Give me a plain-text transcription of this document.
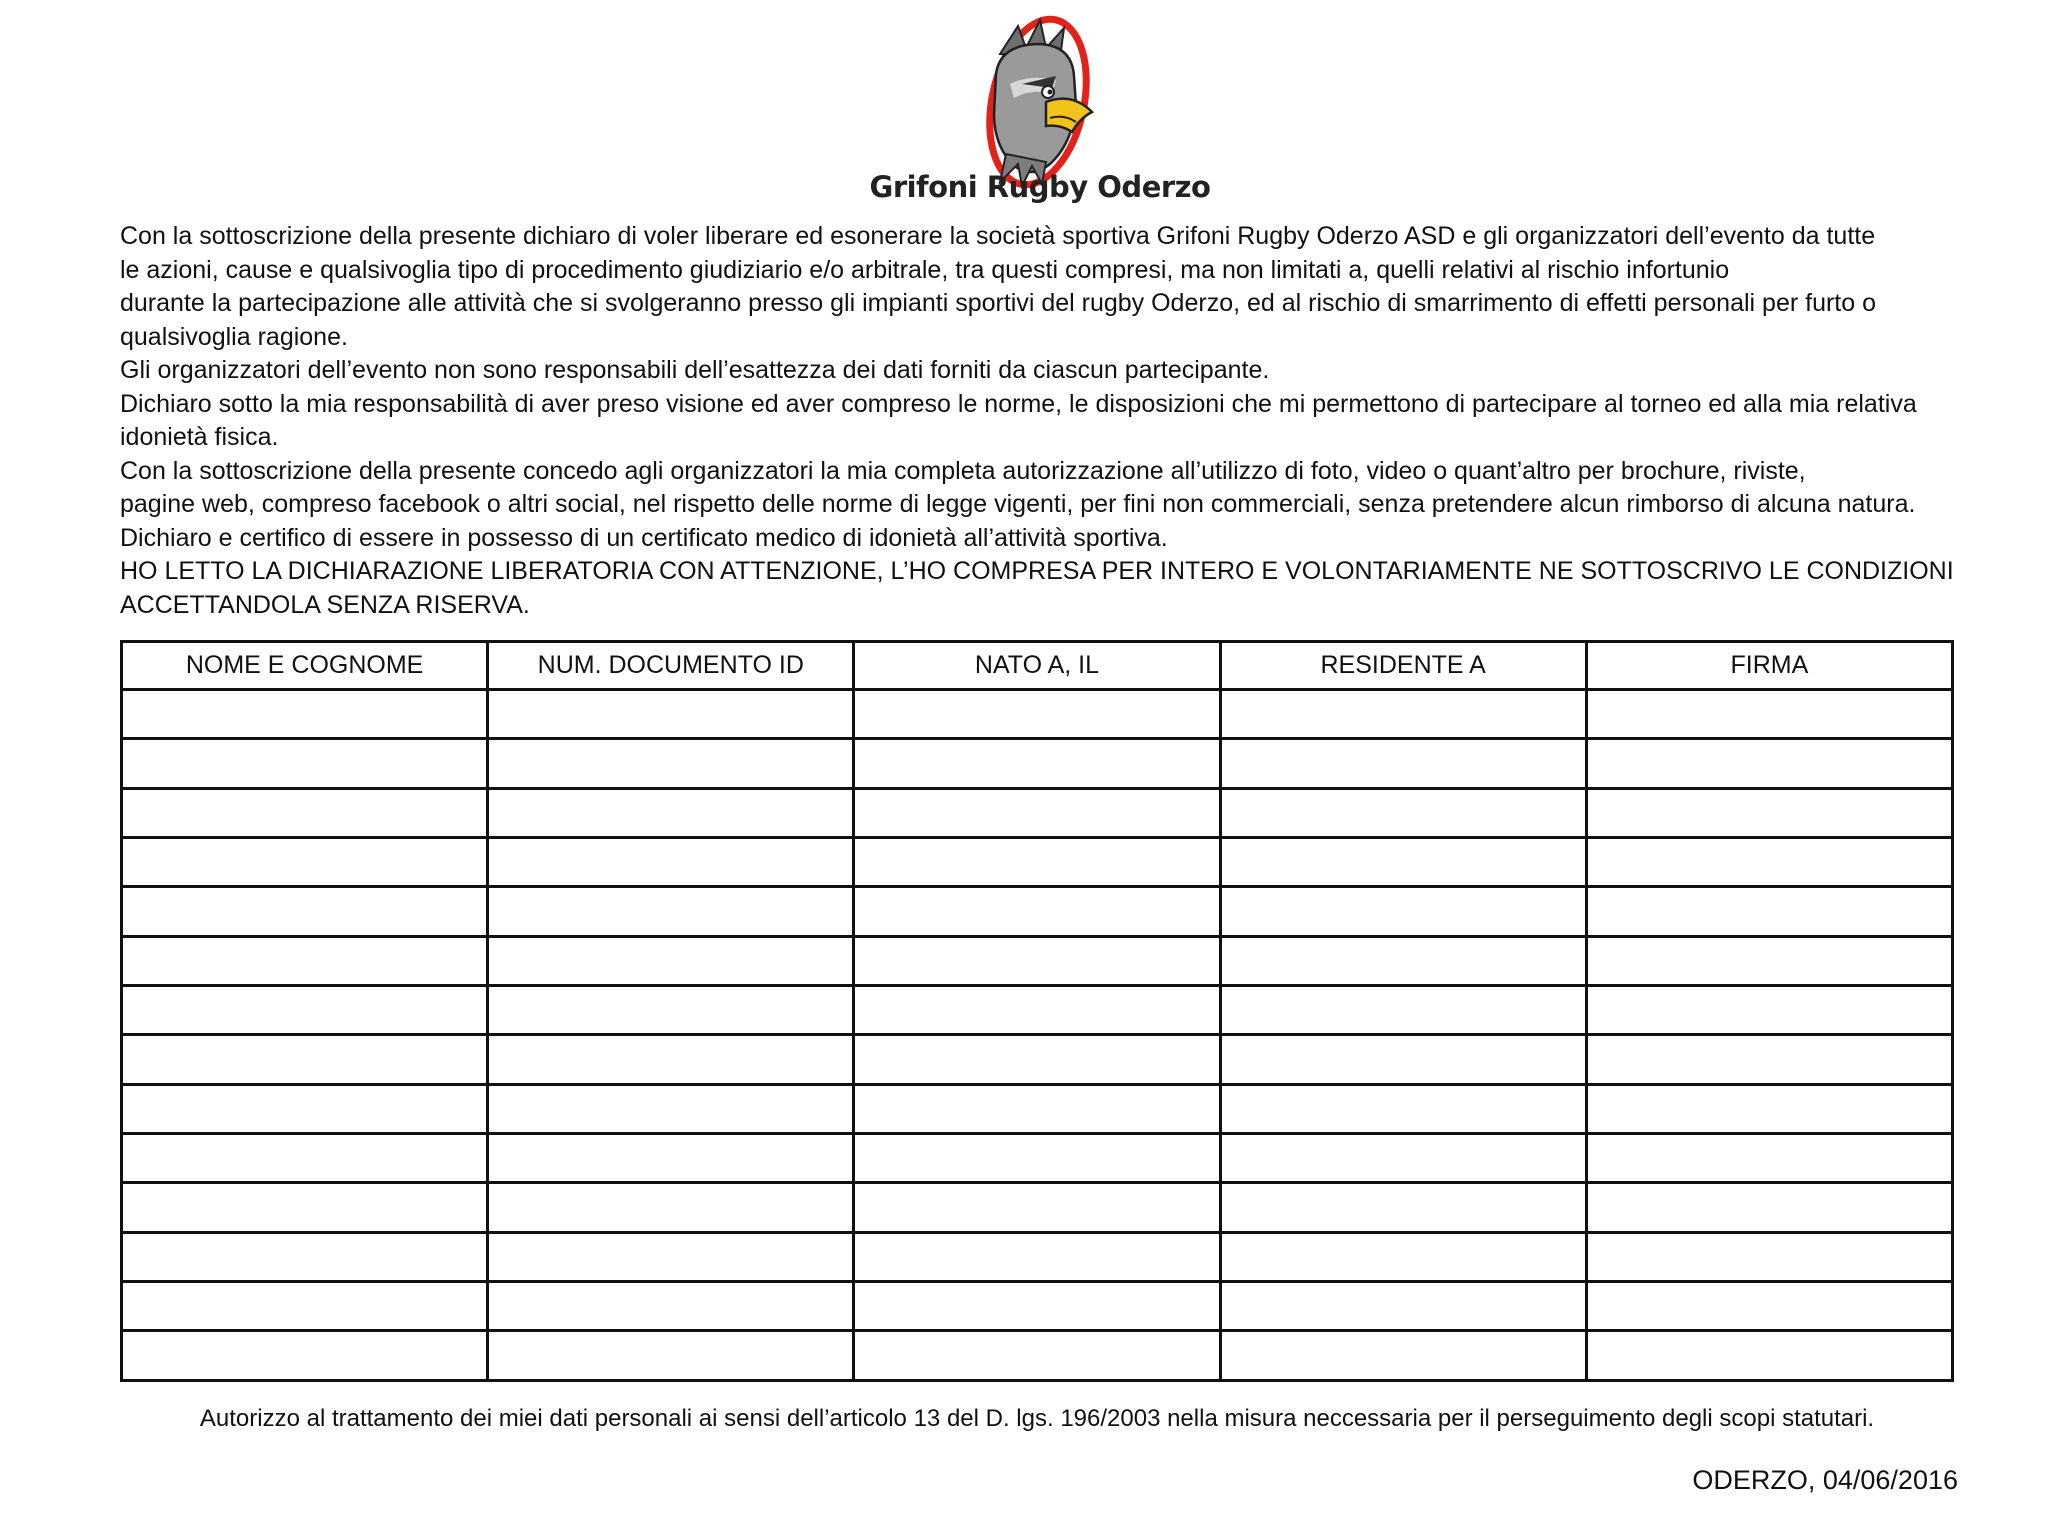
Grifoni Rugby Oderzo
Con la sottoscrizione della presente dichiaro di voler liberare ed esonerare la società sportiva Grifoni Rugby Oderzo ASD e gli organizzatori dell’evento da tutte
le azioni, cause e qualsivoglia tipo di procedimento giudiziario e/o arbitrale, tra questi compresi, ma non limitati a, quelli relativi al rischio infortunio
durante la partecipazione alle attività che si svolgeranno presso gli impianti sportivi del rugby Oderzo, ed al rischio di smarrimento di effetti personali per furto o
qualsivoglia ragione.
Gli organizzatori dell’evento non sono responsabili dell’esattezza dei dati forniti da ciascun partecipante.
Dichiaro sotto la mia responsabilità di aver preso visione ed aver compreso le norme, le disposizioni che mi permettono di partecipare al torneo ed alla mia relativa
idonietà fisica.
Con la sottoscrizione della presente concedo agli organizzatori la mia completa autorizzazione all’utilizzo di foto, video o quant’altro per brochure, riviste,
pagine web, compreso facebook o altri social, nel rispetto delle norme di legge vigenti, per fini non commerciali, senza pretendere alcun rimborso di alcuna natura.
Dichiaro e certifico di essere in possesso di un certificato medico di idonietà all’attività sportiva.
HO LETTO LA DICHIARAZIONE LIBERATORIA CON ATTENZIONE, L’HO COMPRESA PER INTERO E VOLONTARIAMENTE NE SOTTOSCRIVO LE CONDIZIONI
ACCETTANDOLA SENZA RISERVA.
NOME E COGNOME	NUM. DOCUMENTO ID	NATO A, IL	RESIDENTE A	FIRMA

Autorizzo al trattamento dei miei dati personali ai sensi dell’articolo 13 del D. lgs. 196/2003 nella misura neccessaria per il perseguimento degli scopi statutari.
ODERZO, 04/06/2016
